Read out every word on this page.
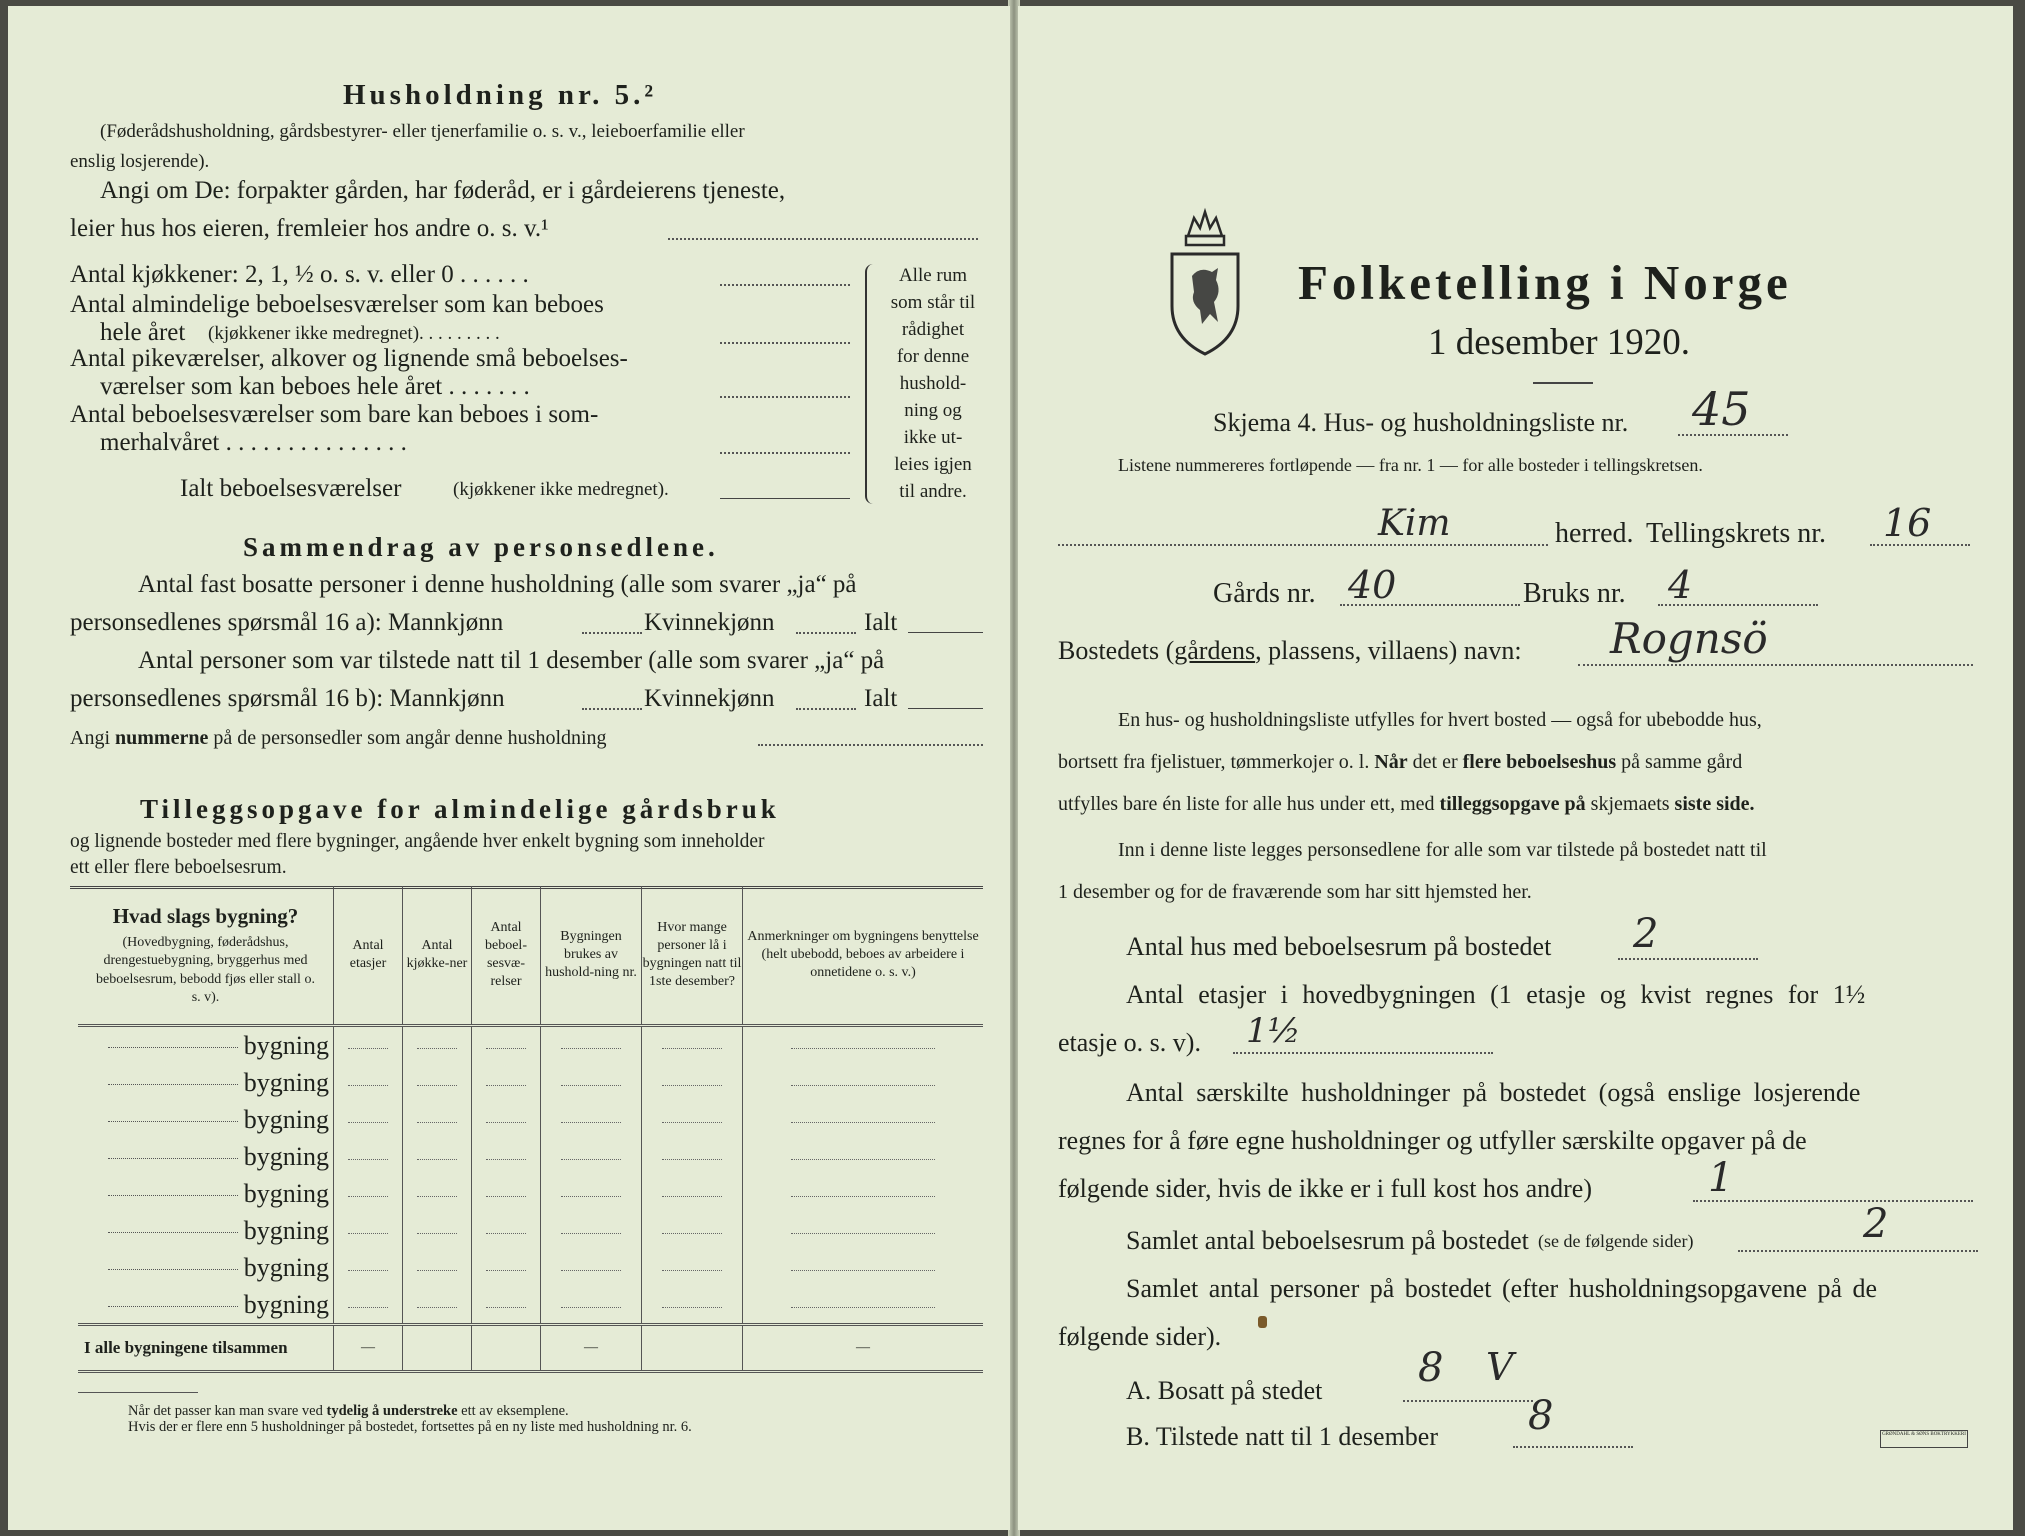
Husholdning nr. 5.²
(Føderådshusholdning, gårdsbestyrer- eller tjenerfamilie o. s. v., leieboerfamilie eller
enslig losjerende).
Angi om De: forpakter gården, har føderåd, er i gårdeierens tjeneste,
leier hus hos eieren, fremleier hos andre o. s. v.¹
Antal kjøkkener: 2, 1, ½ o. s. v. eller 0 . . . . . .
Antal almindelige beboelsesværelser som kan beboes
hele året (kjøkkener ikke medregnet). . . . . . . . .
Antal pikeværelser, alkover og lignende små beboelses-
værelser som kan beboes hele året . . . . . . .
Antal beboelsesværelser som bare kan beboes i som-
merhalvåret . . . . . . . . . . . . . . .
Ialt beboelsesværelser	(kjøkkener ikke medregnet).
Alle rum
som står til
rådighet
for denne
hushold-
ning og
ikke ut-
leies igjen
til andre.
Sammendrag av personsedlene.
Antal fast bosatte personer i denne husholdning (alle som svarer „ja“ på
personsedlenes spørsmål 16 a): Mannkjønn	Kvinnekjønn	Ialt
Antal personer som var tilstede natt til 1 desember (alle som svarer „ja“ på
personsedlenes spørsmål 16 b): Mannkjønn	Kvinnekjønn	Ialt
Angi nummerne på de personsedler som angår denne husholdning
Tilleggsopgave for almindelige gårdsbruk
og lignende bosteder med flere bygninger, angående hver enkelt bygning som inneholder
ett eller flere beboelsesrum.
Hvad slags bygning?
(Hovedbygning, føderådshus, drengestuebygning, bryggerhus med beboelsesrum, bebodd fjøs eller stall o. s. v).	Antal etasjer	Antal kjøkke-ner	Antal beboel-sesvæ-relser	Bygningen brukes av hushold-ning nr.	Hvor mange personer lå i bygningen natt til 1ste desember?	Anmerkninger om bygningens benyttelse (helt ubebodd, beboes av arbeidere i onnetidene o. s. v.)
bygning						
bygning						
bygning						
bygning						
bygning						
bygning						
bygning						
bygning						
I alle bygningene tilsammen	—			—		—
Når det passer kan man svare ved tydelig å understreke ett av eksemplene.
Hvis der er flere enn 5 husholdninger på bostedet, fortsettes på en ny liste med husholdning nr. 6.
Folketelling i Norge
1 desember 1920.
Skjema 4. Hus- og husholdningsliste nr. 45
Listene nummereres fortløpende — fra nr. 1 — for alle bosteder i tellingskretsen.
Kim	herred. Tellingskrets nr. 16
Gårds nr. 40	Bruks nr. 4
Bostedets (gårdens, plassens, villaens) navn: Rognsö
En hus- og husholdningsliste utfylles for hvert bosted — også for ubebodde hus,
bortsett fra fjelistuer, tømmerkojer o. l. Når det er flere beboelseshus på samme gård
utfylles bare én liste for alle hus under ett, med tilleggsopgave på skjemaets siste side.
Inn i denne liste legges personsedlene for alle som var tilstede på bostedet natt til
1 desember og for de fraværende som har sitt hjemsted her.
Antal hus med beboelsesrum på bostedet 2
Antal etasjer i hovedbygningen (1 etasje og kvist regnes for 1½
etasje o. s. v). 1½
Antal særskilte husholdninger på bostedet (også enslige losjerende
regnes for å føre egne husholdninger og utfyller særskilte opgaver på de
følgende sider, hvis de ikke er i full kost hos andre)	1
Samlet antal beboelsesrum på bostedet (se de følgende sider)	2
Samlet antal personer på bostedet (efter husholdningsopgavene på de
følgende sider).
A. Bosatt på stedet 8 V
B. Tilstede natt til 1 desember 8	GRØNDAHL & SØNS BOKTRYKKERI
